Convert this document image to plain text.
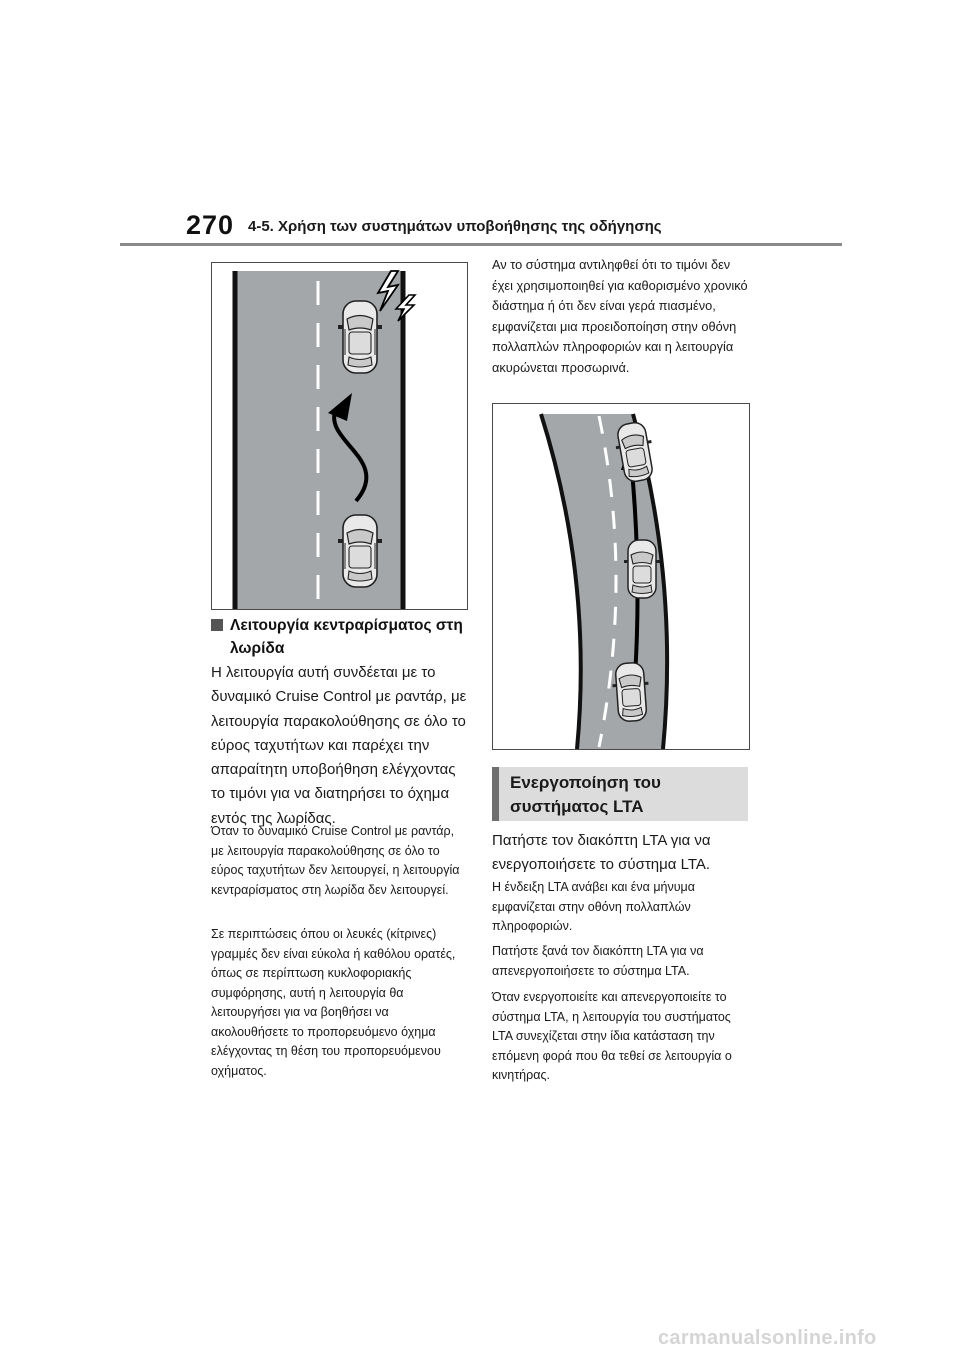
270 4-5. Χρήση των συστημάτων υποβοήθησης της οδήγησης
Λειτουργία κεντραρίσματος στη λωρίδα
Η λειτουργία αυτή συνδέεται με το δυναμικό Cruise Control με ραντάρ, με λειτουργία παρακολούθησης σε όλο το εύρος ταχυτήτων και παρέχει την απαραίτητη υποβοήθηση ελέγχοντας το τιμόνι για να διατηρήσει το όχημα εντός της λωρίδας.
Όταν το δυναμικό Cruise Control με ραντάρ, με λειτουργία παρακολούθησης σε όλο το εύρος ταχυτήτων δεν λειτουργεί, η λειτουργία κεντραρίσματος στη λωρίδα δεν λειτουργεί.
Σε περιπτώσεις όπου οι λευκές (κίτρινες) γραμμές δεν είναι εύκολα ή καθόλου ορατές, όπως σε περίπτωση κυκλοφοριακής συμφόρησης, αυτή η λειτουργία θα λειτουργήσει για να βοηθήσει να ακολουθήσετε το προπορευόμενο όχημα ελέγχοντας τη θέση του προπορευόμενου οχήματος.
Αν το σύστημα αντιληφθεί ότι το τιμόνι δεν έχει χρησιμοποιηθεί για καθορισμένο χρονικό διάστημα ή ότι δεν είναι γερά πιασμένο, εμφανίζεται μια προειδοποίηση στην οθόνη πολλαπλών πληροφοριών και η λειτουργία ακυρώνεται προσωρινά.
Ενεργοποίηση του συστήματος LTA
Πατήστε τον διακόπτη LTA για να ενεργοποιήσετε το σύστημα LTA.
Η ένδειξη LTA ανάβει και ένα μήνυμα εμφανίζεται στην οθόνη πολλαπλών πληροφοριών.
Πατήστε ξανά τον διακόπτη LTA για να απενεργοποιήσετε το σύστημα LTA.
Όταν ενεργοποιείτε και απενεργοποιείτε το σύστημα LTA, η λειτουργία του συστήματος LTA συνεχίζεται στην ίδια κατάσταση την επόμενη φορά που θα τεθεί σε λειτουργία ο κινητήρας.
carmanualsonline.info
